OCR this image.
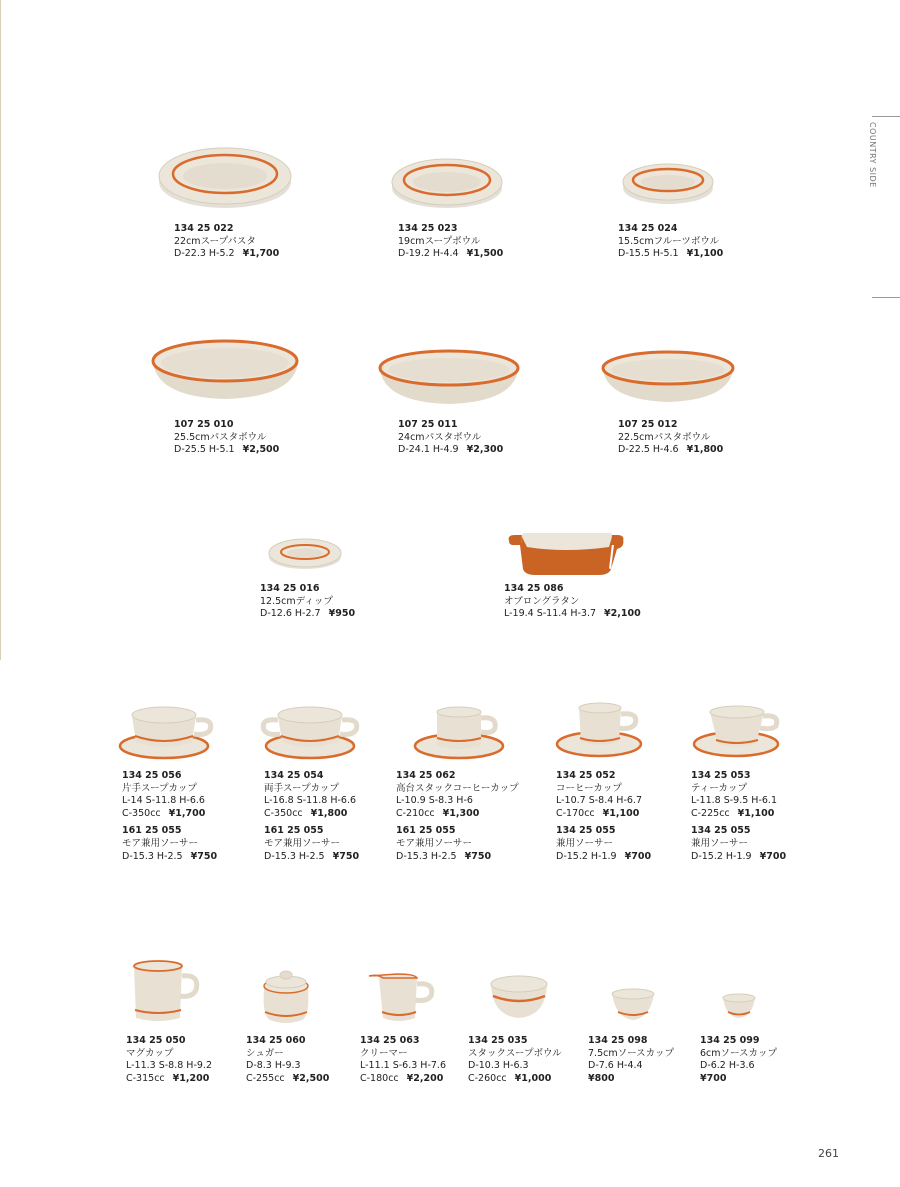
COUNTRY SIDE
134 25 022
22cmスープパスタ
D-22.3 H-5.2 ¥1,700
134 25 023
19cmスープボウル
D-19.2 H-4.4 ¥1,500
134 25 024
15.5cmフルーツボウル
D-15.5 H-5.1 ¥1,100
107 25 010
25.5cmパスタボウル
D-25.5 H-5.1 ¥2,500
107 25 011
24cmパスタボウル
D-24.1 H-4.9 ¥2,300
107 25 012
22.5cmパスタボウル
D-22.5 H-4.6 ¥1,800
134 25 016
12.5cmディップ
D-12.6 H-2.7 ¥950
134 25 086
オブロングラタン
L-19.4 S-11.4 H-3.7 ¥2,100
134 25 056
片手スープカップ
L-14 S-11.8 H-6.6
C-350cc ¥1,700
161 25 055
モア兼用ソーサー
D-15.3 H-2.5 ¥750
134 25 054
両手スープカップ
L-16.8 S-11.8 H-6.6
C-350cc ¥1,800
161 25 055
モア兼用ソーサー
D-15.3 H-2.5 ¥750
134 25 062
高台スタックコーヒーカップ
L-10.9 S-8.3 H-6
C-210cc ¥1,300
161 25 055
モア兼用ソーサー
D-15.3 H-2.5 ¥750
134 25 052
コーヒーカップ
L-10.7 S-8.4 H-6.7
C-170cc ¥1,100
134 25 055
兼用ソーサー
D-15.2 H-1.9 ¥700
134 25 053
ティーカップ
L-11.8 S-9.5 H-6.1
C-225cc ¥1,100
134 25 055
兼用ソーサー
D-15.2 H-1.9 ¥700
134 25 050
マグカップ
L-11.3 S-8.8 H-9.2
C-315cc ¥1,200
134 25 060
シュガー
D-8.3 H-9.3
C-255cc ¥2,500
134 25 063
クリーマー
L-11.1 S-6.3 H-7.6
C-180cc ¥2,200
134 25 035
スタックスープボウル
D-10.3 H-6.3
C-260cc ¥1,000
134 25 098
7.5cmソースカップ
D-7.6 H-4.4
¥800
134 25 099
6cmソースカップ
D-6.2 H-3.6
¥700
261
